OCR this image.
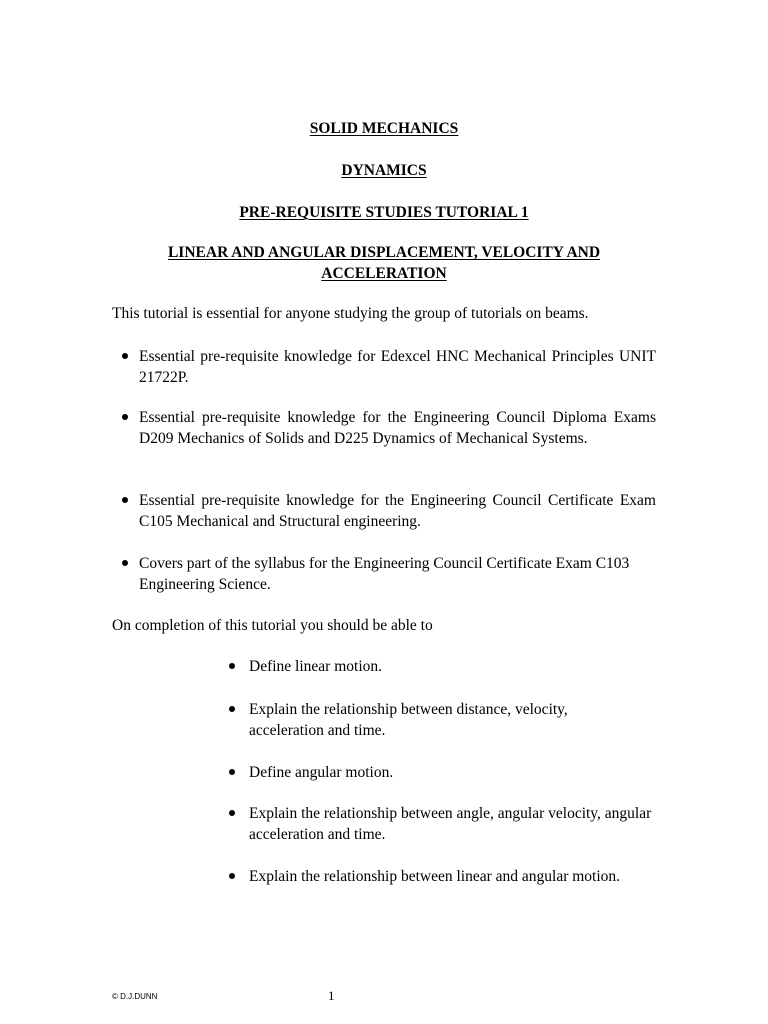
SOLID MECHANICS
DYNAMICS
PRE-REQUISITE STUDIES TUTORIAL 1
LINEAR AND ANGULAR DISPLACEMENT, VELOCITY AND ACCELERATION

This tutorial is essential for anyone studying the group of tutorials on beams.

Essential pre-requisite knowledge for Edexcel HNC Mechanical Principles UNIT 21722P.
Essential pre-requisite knowledge for the Engineering Council Diploma Exams D209 Mechanics of Solids and D225 Dynamics of Mechanical Systems.
Essential pre-requisite knowledge for the Engineering Council Certificate Exam C105 Mechanical and Structural engineering.
Covers part of the syllabus for the Engineering Council Certificate Exam C103 Engineering Science.

On completion of this tutorial you should be able to

Define linear motion.
Explain the relationship between distance, velocity, acceleration and time.
Define angular motion.
Explain the relationship between angle, angular velocity, angular acceleration and time.
Explain the relationship between linear and angular motion.
© D.J.DUNN	1
